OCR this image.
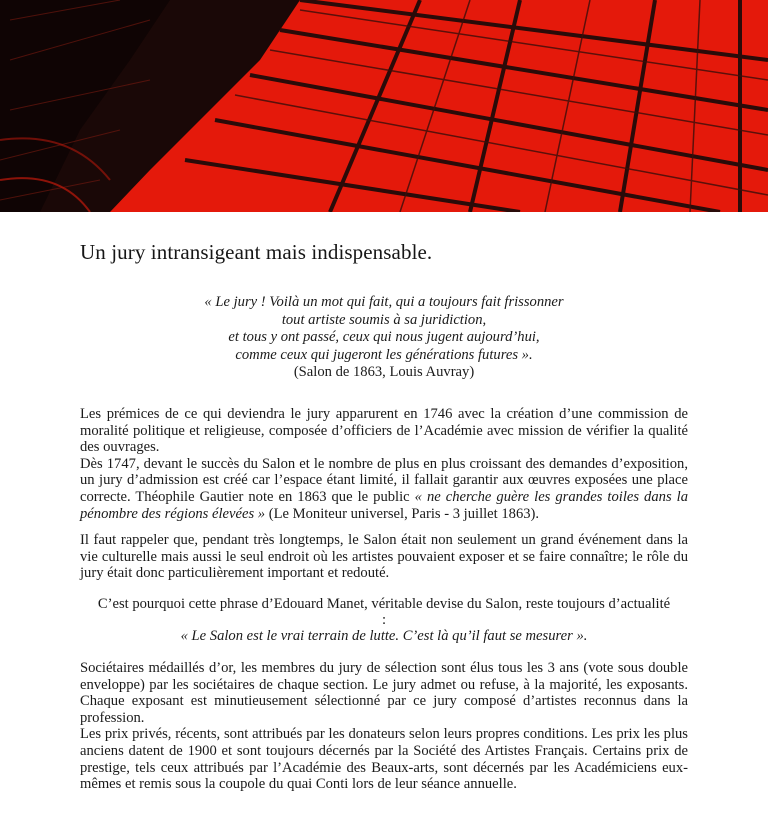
Un jury intransigeant mais indispensable.
« Le jury ! Voilà un mot qui fait, qui a toujours fait frissonner
tout artiste soumis à sa juridiction,
et tous y ont passé, ceux qui nous jugent aujourd’hui,
comme ceux qui jugeront les générations futures ».
(Salon de 1863, Louis Auvray)

Les prémices de ce qui deviendra le jury apparurent en 1746 avec la création d’une commission de moralité politique et religieuse, composée d’officiers de l’Académie avec mission de vérifier la qualité des ouvrages.

Dès 1747, devant le succès du Salon et le nombre de plus en plus croissant des demandes d’exposition, un jury d’admission est créé car l’espace étant limité, il fallait garantir aux œuvres exposées une place correcte. Théophile Gautier note en 1863 que le public « ne cherche guère les grandes toiles dans la pénombre des régions élevées » (Le Moniteur universel, Paris - 3 juillet 1863).

Il faut rappeler que, pendant très longtemps, le Salon était non seulement un grand événement dans la vie culturelle mais aussi le seul endroit où les artistes pouvaient exposer et se faire connaître; le rôle du jury était donc particulièrement important et redouté.
C’est pourquoi cette phrase d’Edouard Manet, véritable devise du Salon, reste toujours d’actualité
:
« Le Salon est le vrai terrain de lutte. C’est là qu’il faut se mesurer ».

Sociétaires médaillés d’or, les membres du jury de sélection sont élus tous les 3 ans (vote sous double enveloppe) par les sociétaires de chaque section. Le jury admet ou refuse, à la majorité, les exposants. Chaque exposant est minutieusement sélectionné par ce jury composé d’artistes reconnus dans la profession.

Les prix privés, récents, sont attribués par les donateurs selon leurs propres conditions. Les prix les plus anciens datent de 1900 et sont toujours décernés par la Société des Artistes Français. Certains prix de prestige, tels ceux attribués par l’Académie des Beaux-arts, sont décernés par les Académiciens eux-mêmes et remis sous la coupole du quai Conti lors de leur séance annuelle.
